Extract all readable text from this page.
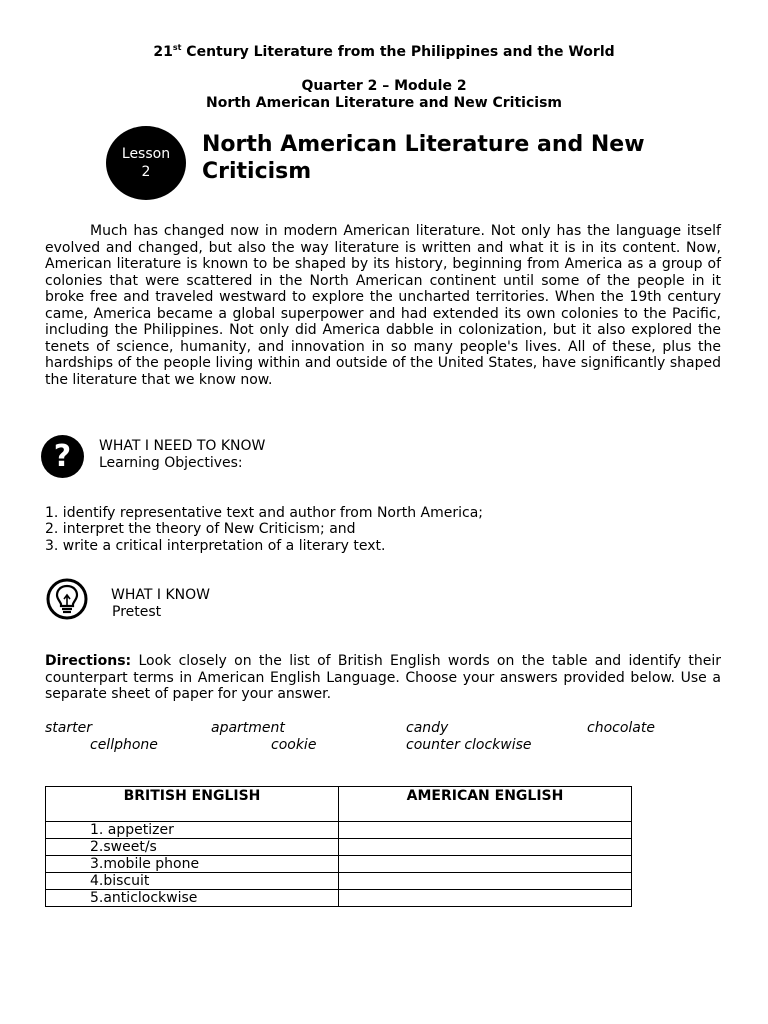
21st Century Literature from the Philippines and the World
Quarter 2 – Module 2
North American Literature and New Criticism
Lesson
2
North American Literature and New Criticism

Much has changed now in modern American literature. Not only has the language itself evolved and changed, but also the way literature is written and what it is in its content. Now, American literature is known to be shaped by its history, beginning from America as a group of colonies that were scattered in the North American continent until some of the people in it broke free and traveled westward to explore the uncharted territories. When the 19th century came, America became a global superpower and had extended its own colonies to the Pacific, including the Philippines. Not only did America dabble in colonization, but it also explored the tenets of science, humanity, and innovation in so many people's lives. All of these, plus the hardships of the people living within and outside of the United States, have significantly shaped the literature that we know now.

?	WHAT I NEED TO KNOW
Learning Objectives:
1. identify representative text and author from North America;
2. interpret the theory of New Criticism; and
3. write a critical interpretation of a literary text.
WHAT I KNOW
Pretest

Directions: Look closely on the list of British English words on the table and identify their counterpart terms in American English Language. Choose your answers provided below. Use a separate sheet of paper for your answer.

starter	apartment	candy	chocolate
cellphone	cookie	counter clockwise
BRITISH ENGLISH	AMERICAN ENGLISH
1. appetizer	
2.sweet/s	
3.mobile phone	
4.biscuit	
5.anticlockwise	
